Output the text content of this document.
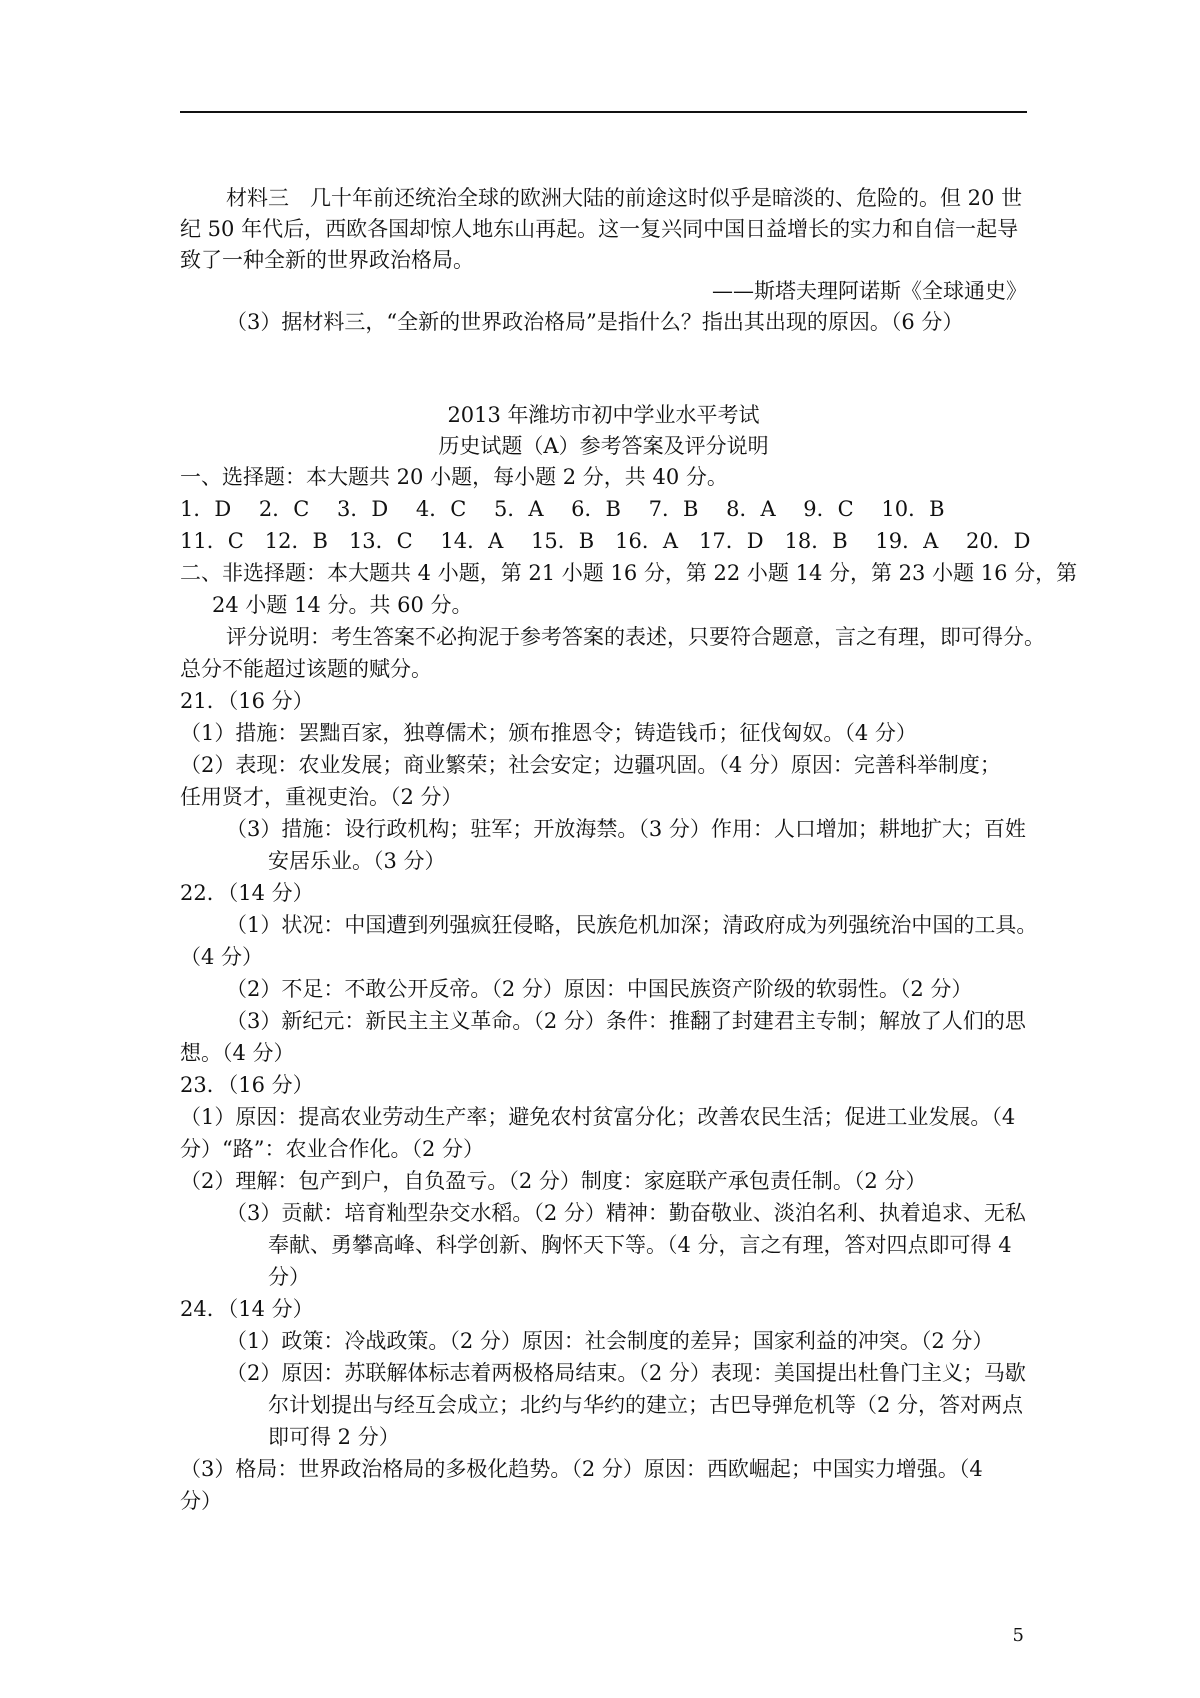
材料三　几十年前还统治全球的欧洲大陆的前途这时似乎是暗淡的、危险的。但 20 世
纪 50 年代后，西欧各国却惊人地东山再起。这一复兴同中国日益增长的实力和自信一起导
致了一种全新的世界政治格局。
——斯塔夫理阿诺斯《全球通史》
（3）据材料三，“全新的世界政治格局”是指什么？指出其出现的原因。（6 分）
2013 年潍坊市初中学业水平考试
历史试题（A）参考答案及评分说明
一、选择题：本大题共 20 小题，每小题 2 分，共 40 分。
1．D　 2．C　 3．D　 4．C　 5．A　 6．B　 7．B　 8．A　 9．C　 10．B
11．C　12．B　13．C　 14．A　 15．B　16．A　17．D　18．B　 19．A　 20．D
二、非选择题：本大题共 4 小题，第 21 小题 16 分，第 22 小题 14 分，第 23 小题 16 分，第
24 小题 14 分。共 60 分。
评分说明：考生答案不必拘泥于参考答案的表述，只要符合题意，言之有理，即可得分。
总分不能超过该题的赋分。
21．（16 分）
（1）措施：罢黜百家，独尊儒术；颁布推恩令；铸造钱币；征伐匈奴。（4 分）
（2）表现：农业发展；商业繁荣；社会安定；边疆巩固。（4 分）原因：完善科举制度；
任用贤才，重视吏治。（2 分）
（3）措施：设行政机构；驻军；开放海禁。（3 分）作用：人口增加；耕地扩大；百姓
安居乐业。（3 分）
22．（14 分）
（1）状况：中国遭到列强疯狂侵略，民族危机加深；清政府成为列强统治中国的工具。
（4 分）
（2）不足：不敢公开反帝。（2 分）原因：中国民族资产阶级的软弱性。（2 分）
（3）新纪元：新民主主义革命。（2 分）条件：推翻了封建君主专制；解放了人们的思
想。（4 分）
23．（16 分）
（1）原因：提高农业劳动生产率；避免农村贫富分化；改善农民生活；促进工业发展。（4
分）“路”：农业合作化。（2 分）
（2）理解：包产到户，自负盈亏。（2 分）制度：家庭联产承包责任制。（2 分）
（3）贡献：培育籼型杂交水稻。（2 分）精神：勤奋敬业、淡泊名利、执着追求、无私
奉献、勇攀高峰、科学创新、胸怀天下等。（4 分，言之有理，答对四点即可得 4
分）
24．（14 分）
（1）政策：冷战政策。（2 分）原因：社会制度的差异；国家利益的冲突。（2 分）
（2）原因：苏联解体标志着两极格局结束。（2 分）表现：美国提出杜鲁门主义；马歇
尔计划提出与经互会成立；北约与华约的建立；古巴导弹危机等（2 分，答对两点
即可得 2 分）
（3）格局：世界政治格局的多极化趋势。（2 分）原因：西欧崛起；中国实力增强。（4
分）
5
